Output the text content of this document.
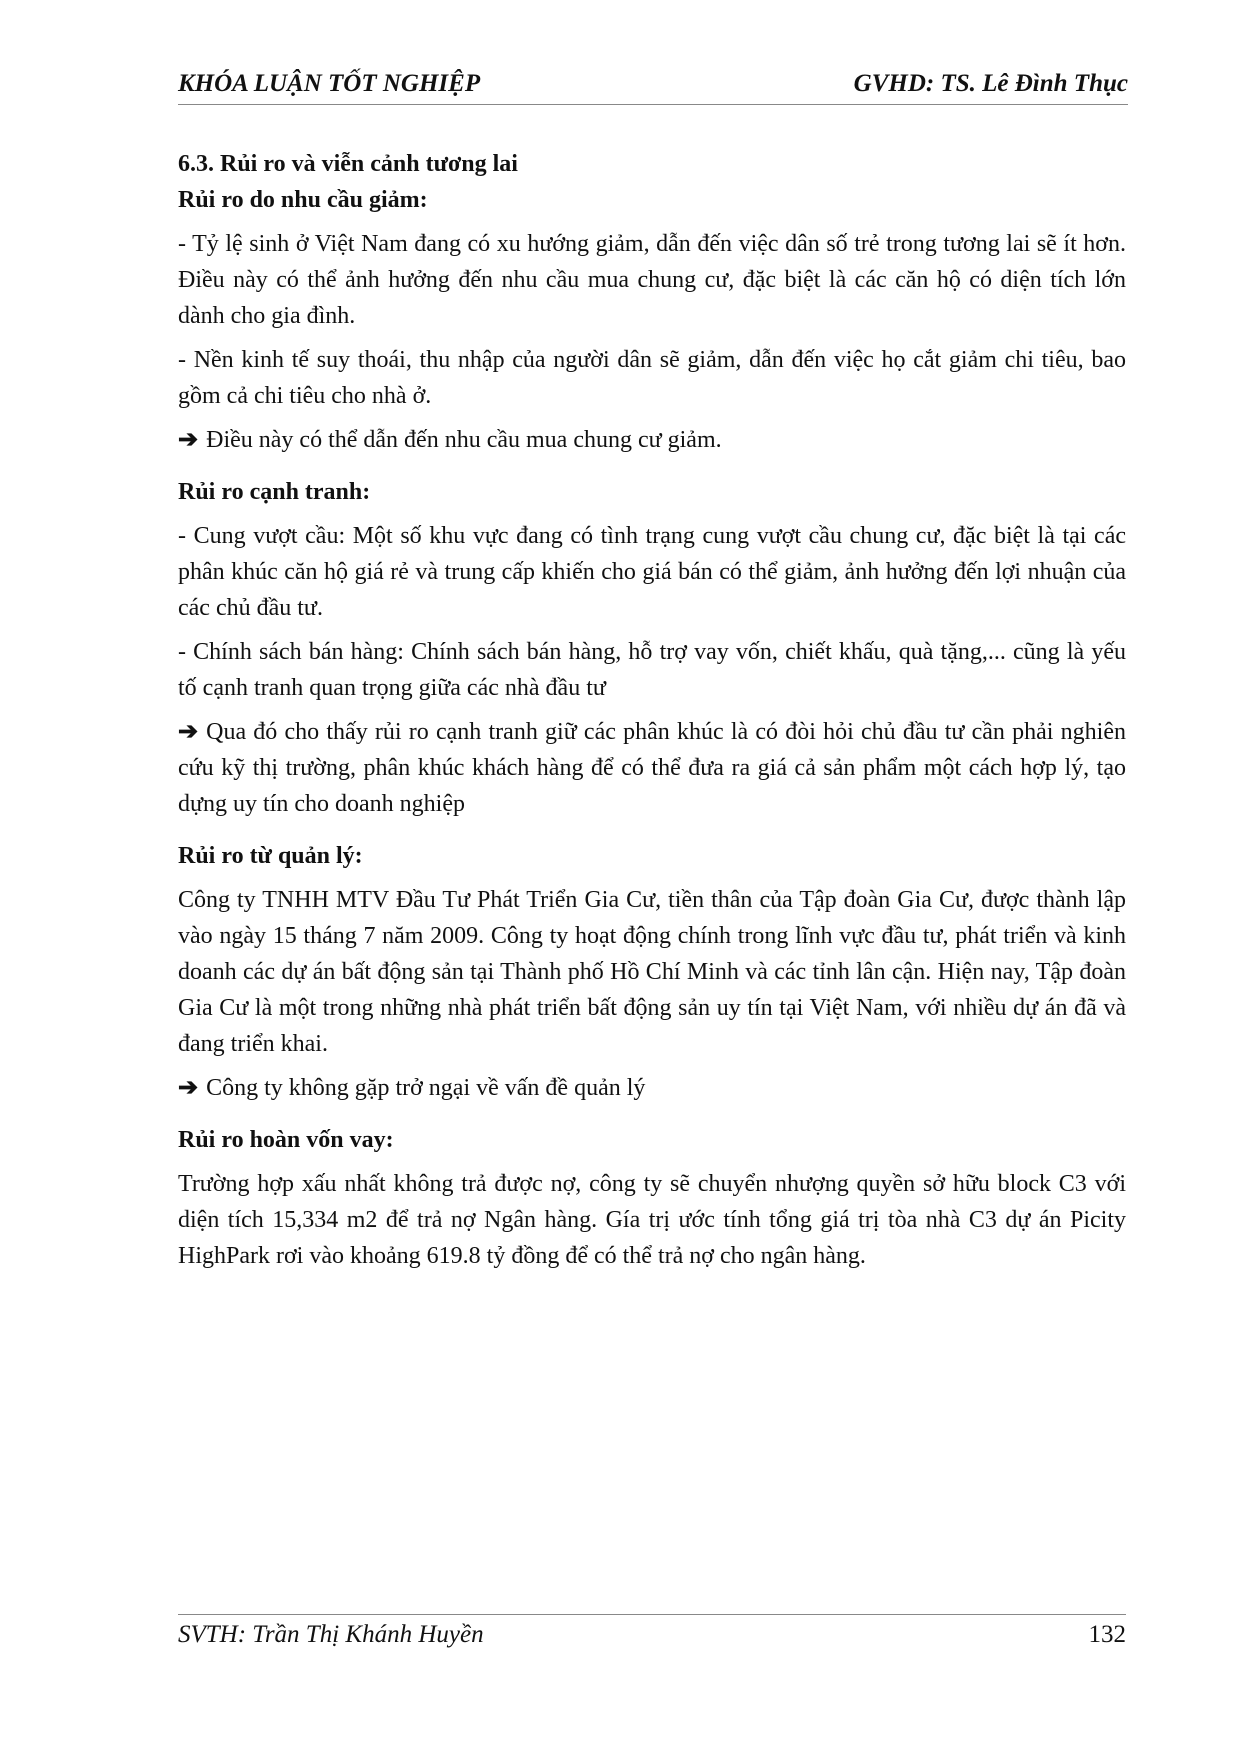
KHÓA LUẬN TỐT NGHIỆP	GVHD: TS. Lê Đình Thục

6.3. Rủi ro và viễn cảnh tương lai

Rủi ro do nhu cầu giảm:

- Tỷ lệ sinh ở Việt Nam đang có xu hướng giảm, dẫn đến việc dân số trẻ trong tương lai sẽ ít hơn. Điều này có thể ảnh hưởng đến nhu cầu mua chung cư, đặc biệt là các căn hộ có diện tích lớn dành cho gia đình.

- Nền kinh tế suy thoái, thu nhập của người dân sẽ giảm, dẫn đến việc họ cắt giảm chi tiêu, bao gồm cả chi tiêu cho nhà ở.

➔ Điều này có thể dẫn đến nhu cầu mua chung cư giảm.

Rủi ro cạnh tranh:

- Cung vượt cầu: Một số khu vực đang có tình trạng cung vượt cầu chung cư, đặc biệt là tại các phân khúc căn hộ giá rẻ và trung cấp khiến cho giá bán có thể giảm, ảnh hưởng đến lợi nhuận của các chủ đầu tư.

- Chính sách bán hàng: Chính sách bán hàng, hỗ trợ vay vốn, chiết khấu, quà tặng,... cũng là yếu tố cạnh tranh quan trọng giữa các nhà đầu tư

➔ Qua đó cho thấy rủi ro cạnh tranh giữ các phân khúc là có đòi hỏi chủ đầu tư cần phải nghiên cứu kỹ thị trường, phân khúc khách hàng để có thể đưa ra giá cả sản phẩm một cách hợp lý, tạo dựng uy tín cho doanh nghiệp

Rủi ro từ quản lý:

Công ty TNHH MTV Đầu Tư Phát Triển Gia Cư, tiền thân của Tập đoàn Gia Cư, được thành lập vào ngày 15 tháng 7 năm 2009. Công ty hoạt động chính trong lĩnh vực đầu tư, phát triển và kinh doanh các dự án bất động sản tại Thành phố Hồ Chí Minh và các tỉnh lân cận. Hiện nay, Tập đoàn Gia Cư là một trong những nhà phát triển bất động sản uy tín tại Việt Nam, với nhiều dự án đã và đang triển khai.

➔ Công ty không gặp trở ngại về vấn đề quản lý

Rủi ro hoàn vốn vay:

Trường hợp xấu nhất không trả được nợ, công ty sẽ chuyển nhượng quyền sở hữu block C3 với diện tích 15,334 m2 để trả nợ Ngân hàng. Gía trị ước tính tổng giá trị tòa nhà C3 dự án Picity HighPark rơi vào khoảng 619.8 tỷ đồng để có thể trả nợ cho ngân hàng.

SVTH: Trần Thị Khánh Huyền	132
